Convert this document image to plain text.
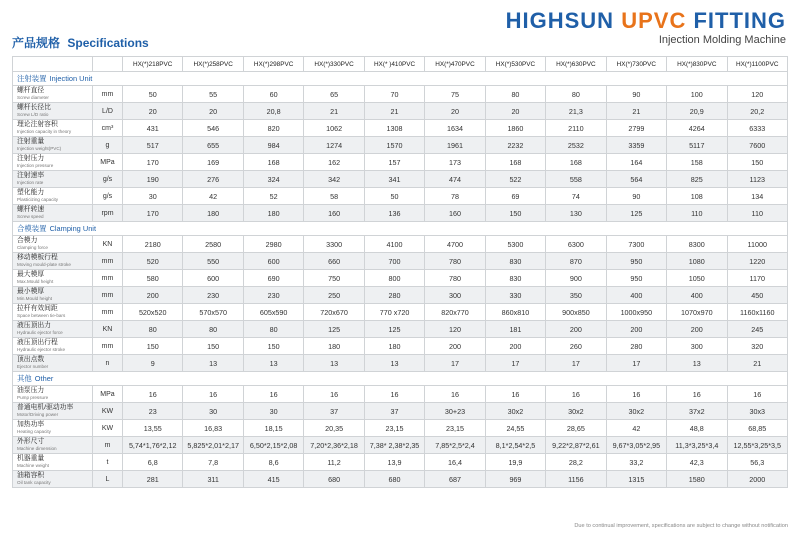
产品规格 Specifications
HIGHSUN UPVC FITTING
Injection Molding Machine
		HX(*)218PVC	HX(*)258PVC	HX(*)298PVC	HX(*)330PVC	HX(* )410PVC	HX(*)470PVC	HX(*)530PVC	HX(*)630PVC	HX(*)730PVC	HX(*)830PVC	HX(*)1100PVC
注射装置 Injection Unit												

螺杆直径
Screw diameter	mm	50	55	60	65	70	75	80	80	90	100	120

螺杆长径比
Screw L/D ratio	L/D	20	20	20,8	21	21	20	20	21,3	21	20,9	20,2

理论注射容积
Injection capacity in theory	cm³	431	546	820	1062	1308	1634	1860	2110	2799	4264	6333

注射重量
Injection weight(PVC)	g	517	655	984	1274	1570	1961	2232	2532	3359	5117	7600

注射压力
Injection pressure	MPa	170	169	168	162	157	173	168	168	164	158	150

注射速率
Injection rate	g/s	190	276	324	342	341	474	522	558	564	825	1123

塑化能力
Plasticizing capacity	g/s	30	42	52	58	50	78	69	74	90	108	134

螺杆转速
Screw speed	rpm	170	180	180	160	136	160	150	130	125	110	110
合模装置 Clamping Unit												

合模力
Clamping force	KN	2180	2580	2980	3300	4100	4700	5300	6300	7300	8300	11000

移动模板行程
Moving mould-plate stroke	mm	520	550	600	660	700	780	830	870	950	1080	1220

最大模厚
Max.Mould height	mm	580	600	690	750	800	780	830	900	950	1050	1170

最小模厚
Min.Mould height	mm	200	230	230	250	280	300	330	350	400	400	450

拉杆有效间距
Space between tie-bars	mm	520x520	570x570	605x590	720x670	770 x720	820x770	860x810	900x850	1000x950	1070x970	1160x1160

液压顶出力
Hydraulic ejector force	KN	80	80	80	125	125	120	181	200	200	200	245

液压顶出行程
Hydraulic ejector stroke	mm	150	150	150	180	180	200	200	260	280	300	320

顶出点数
Ejector number	n	9	13	13	13	13	17	17	17	17	13	21
其他 Other												

油泵压力
Pump pressure	MPa	16	16	16	16	16	16	16	16	16	16	16

普通电机/驱动功率
Motor/Driving power	KW	23	30	30	37	37	30+23	30x2	30x2	30x2	37x2	30x3

加热功率
Heating capacity	KW	13,55	16,83	18,15	20,35	23,15	23,15	24,55	28,65	42	48,8	68,85

外形尺寸
Machine dimension	m	5,74*1,76*2,12	5,825*2,01*2,17	6,50*2,15*2,08	7,20*2,36*2,18	7,38* 2,38*2,35	7,85*2,5*2,4	8,1*2,54*2,5	9,22*2,87*2,61	9,67*3,05*2,95	11,3*3,25*3,4	12,55*3,25*3,5

机器重量
Machine weight	t	6,8	7,8	8,6	11,2	13,9	16,4	19,9	28,2	33,2	42,3	56,3

油箱容积
Oil tank capacity	L	281	311	415	680	680	687	969	1156	1315	1580	2000
Due to continual improvement, specifications are subject to change without notification
